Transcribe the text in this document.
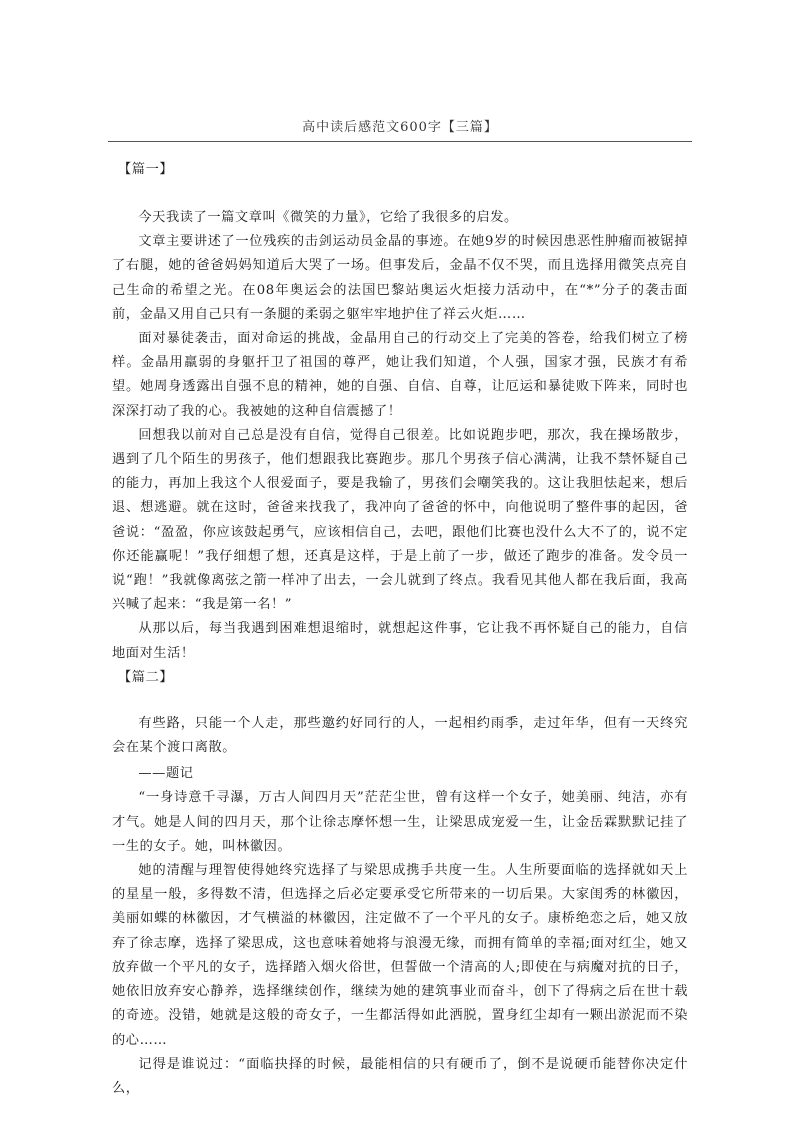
高中读后感范文600字【三篇】

【篇一】

今天我读了一篇文章叫《微笑的力量》，它给了我很多的启发。

文章主要讲述了一位残疾的击剑运动员金晶的事迹。在她9岁的时候因患恶性肿瘤而被锯掉了右腿，她的爸爸妈妈知道后大哭了一场。但事发后，金晶不仅不哭，而且选择用微笑点亮自己生命的希望之光。在08年奥运会的法国巴黎站奥运火炬接力活动中，在“*”分子的袭击面前，金晶又用自己只有一条腿的柔弱之躯牢牢地护住了祥云火炬……

面对暴徒袭击，面对命运的挑战，金晶用自己的行动交上了完美的答卷，给我们树立了榜样。金晶用羸弱的身躯扞卫了祖国的尊严，她让我们知道，个人强，国家才强，民族才有希望。她周身透露出自强不息的精神，她的自强、自信、自尊，让厄运和暴徒败下阵来，同时也深深打动了我的心。我被她的这种自信震撼了！

回想我以前对自己总是没有自信，觉得自己很差。比如说跑步吧，那次，我在操场散步，遇到了几个陌生的男孩子，他们想跟我比赛跑步。那几个男孩子信心满满，让我不禁怀疑自己的能力，再加上我这个人很爱面子，要是我输了，男孩们会嘲笑我的。这让我胆怯起来，想后退、想逃避。就在这时，爸爸来找我了，我冲向了爸爸的怀中，向他说明了整件事的起因，爸爸说：“盈盈，你应该鼓起勇气，应该相信自己，去吧，跟他们比赛也没什么大不了的，说不定你还能赢呢！”我仔细想了想，还真是这样，于是上前了一步，做还了跑步的准备。发令员一说“跑！”我就像离弦之箭一样冲了出去，一会儿就到了终点。我看见其他人都在我后面，我高兴喊了起来：“我是第一名！”

从那以后，每当我遇到困难想退缩时，就想起这件事，它让我不再怀疑自己的能力，自信地面对生活！

【篇二】

有些路，只能一个人走，那些邀约好同行的人，一起相约雨季，走过年华，但有一天终究会在某个渡口离散。

——题记

“一身诗意千寻瀑，万古人间四月天”茫茫尘世，曾有这样一个女子，她美丽、纯洁，亦有才气。她是人间的四月天，那个让徐志摩怀想一生，让梁思成宠爱一生，让金岳霖默默记挂了一生的女子。她，叫林徽因。

她的清醒与理智使得她终究选择了与梁思成携手共度一生。人生所要面临的选择就如天上的星星一般，多得数不清，但选择之后必定要承受它所带来的一切后果。大家闺秀的林徽因，美丽如蝶的林徽因，才气横溢的林徽因，注定做不了一个平凡的女子。康桥绝恋之后，她又放弃了徐志摩，选择了梁思成，这也意味着她将与浪漫无缘，而拥有简单的幸福;面对红尘，她又放弃做一个平凡的女子，选择踏入烟火俗世，但誓做一个清高的人;即使在与病魔对抗的日子，她依旧放弃安心静养，选择继续创作，继续为她的建筑事业而奋斗，创下了得病之后在世十载的奇迹。没错，她就是这般的奇女子，一生都活得如此洒脱，置身红尘却有一颗出淤泥而不染的心……

记得是谁说过：“面临抉择的时候，最能相信的只有硬币了，倒不是说硬币能替你决定什么，
